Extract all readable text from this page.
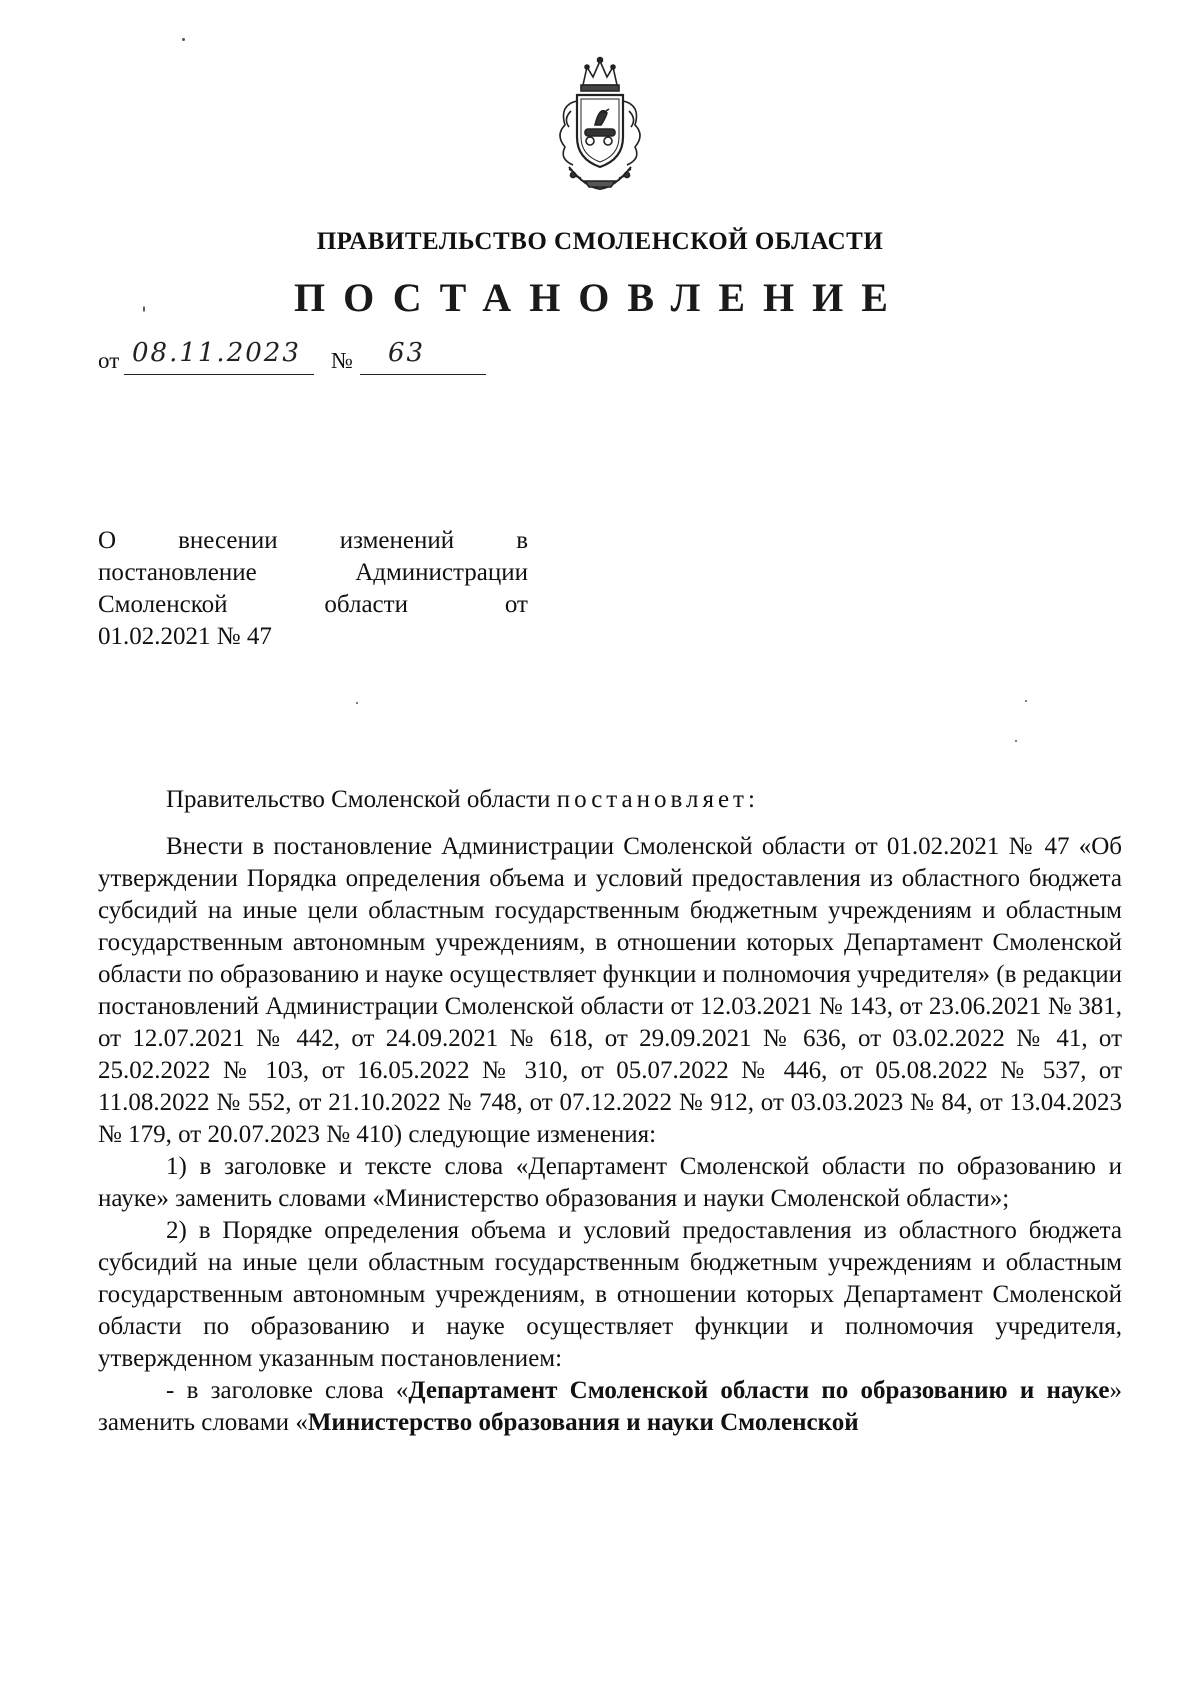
ПРАВИТЕЛЬСТВО СМОЛЕНСКОЙ ОБЛАСТИ
ПОСТАНОВЛЕНИЕ
от 08.11.2023 № 63
О внесении изменений в
постановление	Администрации
Смоленской	области	от
01.02.2021 № 47

Правительство Смоленской области постановляет:

Внести в постановление Администрации Смоленской области от 01.02.2021 № 47 «Об утверждении Порядка определения объема и условий предоставления из областного бюджета субсидий на иные цели областным государственным бюджетным учреждениям и областным государственным автономным учреждениям, в отношении которых Департамент Смоленской области по образованию и науке осуществляет функции и полномочия учредителя» (в редакции постановлений Администрации Смоленской области от 12.03.2021 № 143, от 23.06.2021 № 381, от 12.07.2021 № 442, от 24.09.2021 № 618, от 29.09.2021 № 636, от 03.02.2022 № 41, от 25.02.2022 № 103, от 16.05.2022 № 310, от 05.07.2022 № 446, от 05.08.2022 № 537, от 11.08.2022 № 552, от 21.10.2022 № 748, от 07.12.2022 № 912, от 03.03.2023 № 84, от 13.04.2023 № 179, от 20.07.2023 № 410) следующие изменения:

1) в заголовке и тексте слова «Департамент Смоленской области по образованию и науке» заменить словами «Министерство образования и науки Смоленской области»;

2) в Порядке определения объема и условий предоставления из областного бюджета субсидий на иные цели областным государственным бюджетным учреждениям и областным государственным автономным учреждениям, в отношении которых Департамент Смоленской области по образованию и науке осуществляет функции и полномочия учредителя, утвержденном указанным постановлением:

- в заголовке слова «Департамент Смоленской области по образованию и науке» заменить словами «Министерство образования и науки Смоленской
